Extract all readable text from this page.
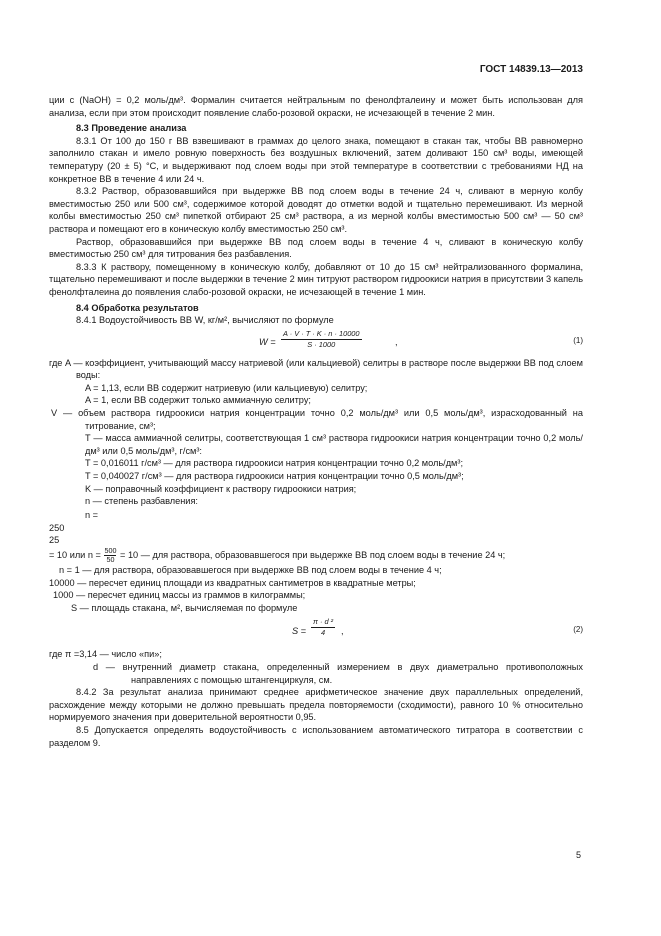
ГОСТ 14839.13—2013

ции c (NaOH) = 0,2 моль/дм³. Формалин считается нейтральным по фенолфталеину и может быть использован для анализа, если при этом происходит появление слабо-розовой окраски, не исчезающей в течение 2 мин.

8.3 Проведение анализа

8.3.1 От 100 до 150 г ВВ взвешивают в граммах до целого знака, помещают в стакан так, чтобы ВВ равномерно заполнило стакан и имело ровную поверхность без воздушных включений, затем доливают 150 см³ воды, имеющей температуру (20 ± 5) °С, и выдерживают под слоем воды при этой температуре в соответствии с требованиями НД на конкретное ВВ в течение 4 или 24 ч.

8.3.2 Раствор, образовавшийся при выдержке ВВ под слоем воды в течение 24 ч, сливают в мерную колбу вместимостью 250 или 500 см³, содержимое которой доводят до отметки водой и тщательно перемешивают. Из мерной колбы вместимостью 250 см³ пипеткой отбирают 25 см³ раствора, а из мерной колбы вместимостью 500 см³ — 50 см³ раствора и помещают его в коническую колбу вместимостью 250 см³.

Раствор, образовавшийся при выдержке ВВ под слоем воды в течение 4 ч, сливают в коническую колбу вместимостью 250 см³ для титрования без разбавления.

8.3.3 К раствору, помещенному в коническую колбу, добавляют от 10 до 15 см³ нейтрализованного формалина, тщательно перемешивают и после выдержки в течение 2 мин титруют раствором гидроокиси натрия в присутствии 3 капель фенолфталеина до появления слабо-розовой окраски, не исчезающей в течение 1 мин.

8.4 Обработка результатов

8.4.1 Водоустойчивость ВВ W, кг/м², вычисляют по формуле

$W = \frac{A \cdot V \cdot T \cdot K \cdot n \cdot 10000}{S \cdot 1000}$	,	(1)

где A — коэффициент, учитывающий массу натриевой (или кальциевой) селитры в растворе после выдержки ВВ под слоем воды:

A = 1,13, если ВВ содержит натриевую (или кальциевую) селитру;

A = 1, если ВВ содержит только аммиачную селитру;

V — объем раствора гидроокиси натрия концентрации точно 0,2 моль/дм³ или 0,5 моль/дм³, израсходованный на титрование, см³;

T — масса аммиачной селитры, соответствующая 1 см³ раствора гидроокиси натрия концентрации точно 0,2 моль/дм³ или 0,5 моль/дм³, г/см³:

T = 0,016011 г/см³ — для раствора гидроокиси натрия концентрации точно 0,2 моль/дм³;

T = 0,040027 г/см³ — для раствора гидроокиси натрия концентрации точно 0,5 моль/дм³;

K — поправочный коэффициент к раствору гидроокиси натрия;

n — степень разбавления:

n =

250
25
= 10 или $n = \frac{500}{50} = 10$ — для раствора, образовавшегося при выдержке ВВ под слоем воды в течение 24 ч;

n = 1 — для раствора, образовавшегося при выдержке ВВ под слоем воды в течение 4 ч;

10000 — пересчет единиц площади из квадратных сантиметров в квадратные метры;

1000 — пересчет единиц массы из граммов в килограммы;

S — площадь стакана, м², вычисляемая по формуле

$S = \frac{\text{π · d ²}}{4}$ ,	(2)

где π =3,14 — число «пи»;

d — внутренний диаметр стакана, определенный измерением в двух диаметрально противоположных направлениях с помощью штангенциркуля, см.

8.4.2 За результат анализа принимают среднее арифметическое значение двух параллельных определений, расхождение между которыми не должно превышать предела повторяемости (сходимости), равного 10 % относительно нормируемого значения при доверительной вероятности 0,95.

8.5 Допускается определять водоустойчивость с использованием автоматического титратора в соответствии с разделом 9.

5
